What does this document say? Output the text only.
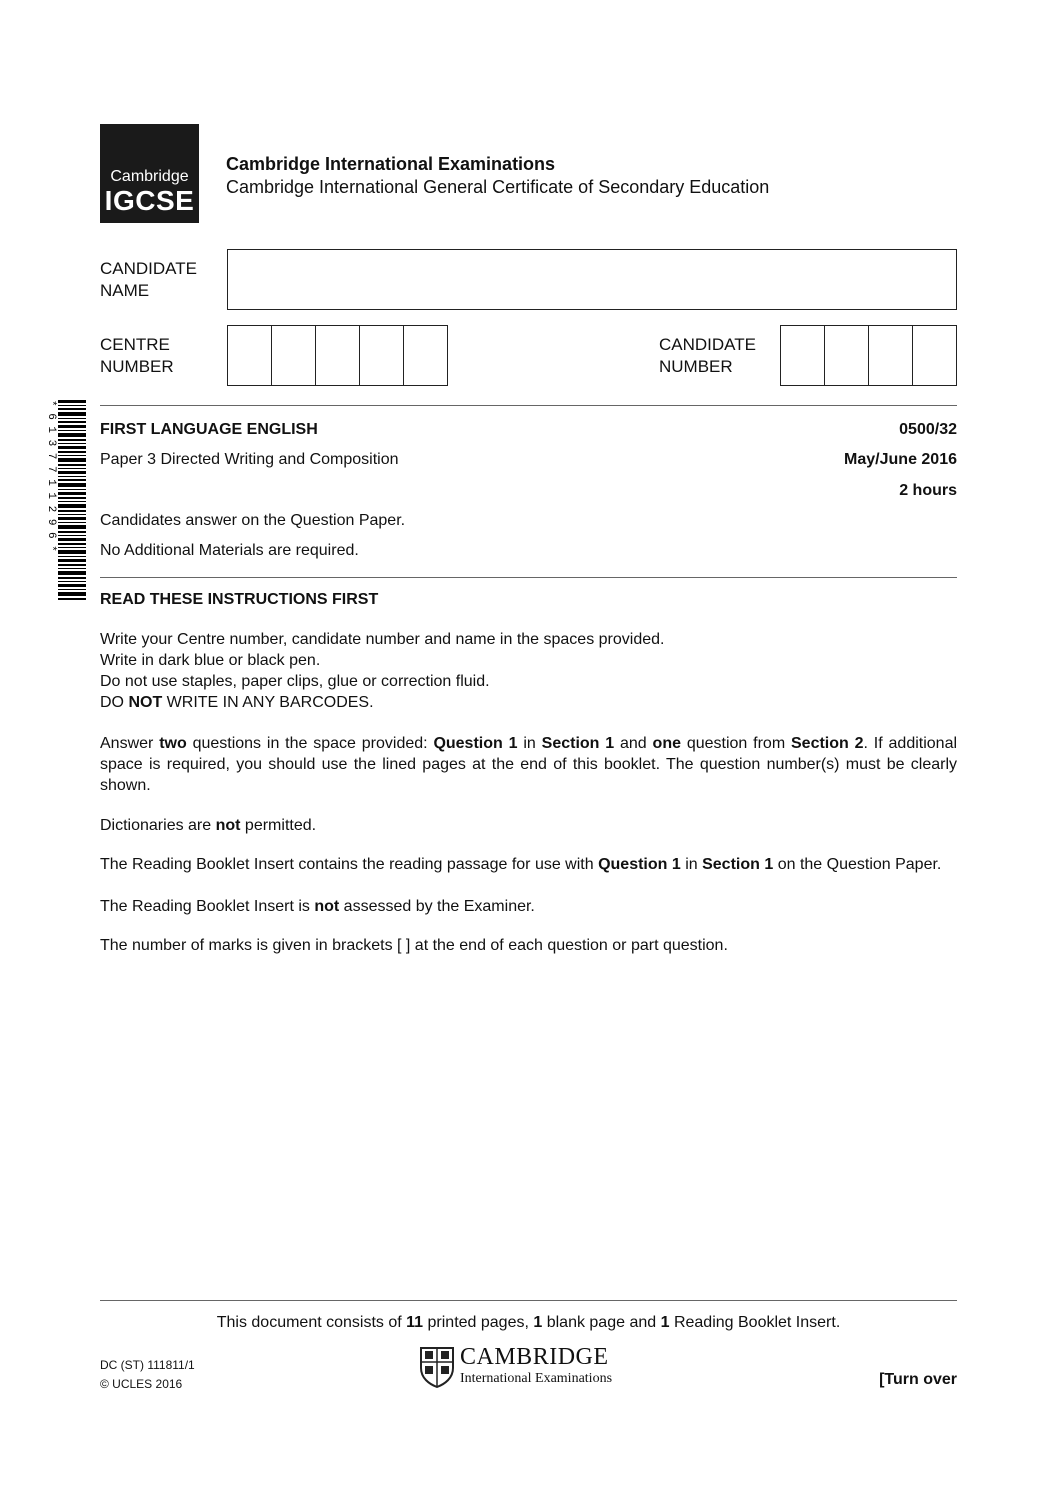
Cambridge
IGCSE
Cambridge International Examinations
Cambridge International General Certificate of Secondary Education
CANDIDATE
NAME
CENTRE
NUMBER
CANDIDATE
NUMBER
* 6 1 3 7 7 1 1 2 9 6 *	FIRST LANGUAGE ENGLISH	0500/32
Paper 3 Directed Writing and Composition	May/June 2016
2 hours
Candidates answer on the Question Paper.
No Additional Materials are required.
READ THESE INSTRUCTIONS FIRST
Write your Centre number, candidate number and name in the spaces provided.
Write in dark blue or black pen.
Do not use staples, paper clips, glue or correction fluid.
DO NOT WRITE IN ANY BARCODES.
Answer two questions in the space provided: Question 1 in Section 1 and one question from Section 2. If additional space is required, you should use the lined pages at the end of this booklet. The question number(s) must be clearly shown.
Dictionaries are not permitted.
The Reading Booklet Insert contains the reading passage for use with Question 1 in Section 1 on the Question Paper.
The Reading Booklet Insert is not assessed by the Examiner.
The number of marks is given in brackets [ ] at the end of each question or part question.
This document consists of 11 printed pages, 1 blank page and 1 Reading Booklet Insert.
DC (ST) 111811/1
© UCLES 2016
CAMBRIDGE
International Examinations	[Turn over
